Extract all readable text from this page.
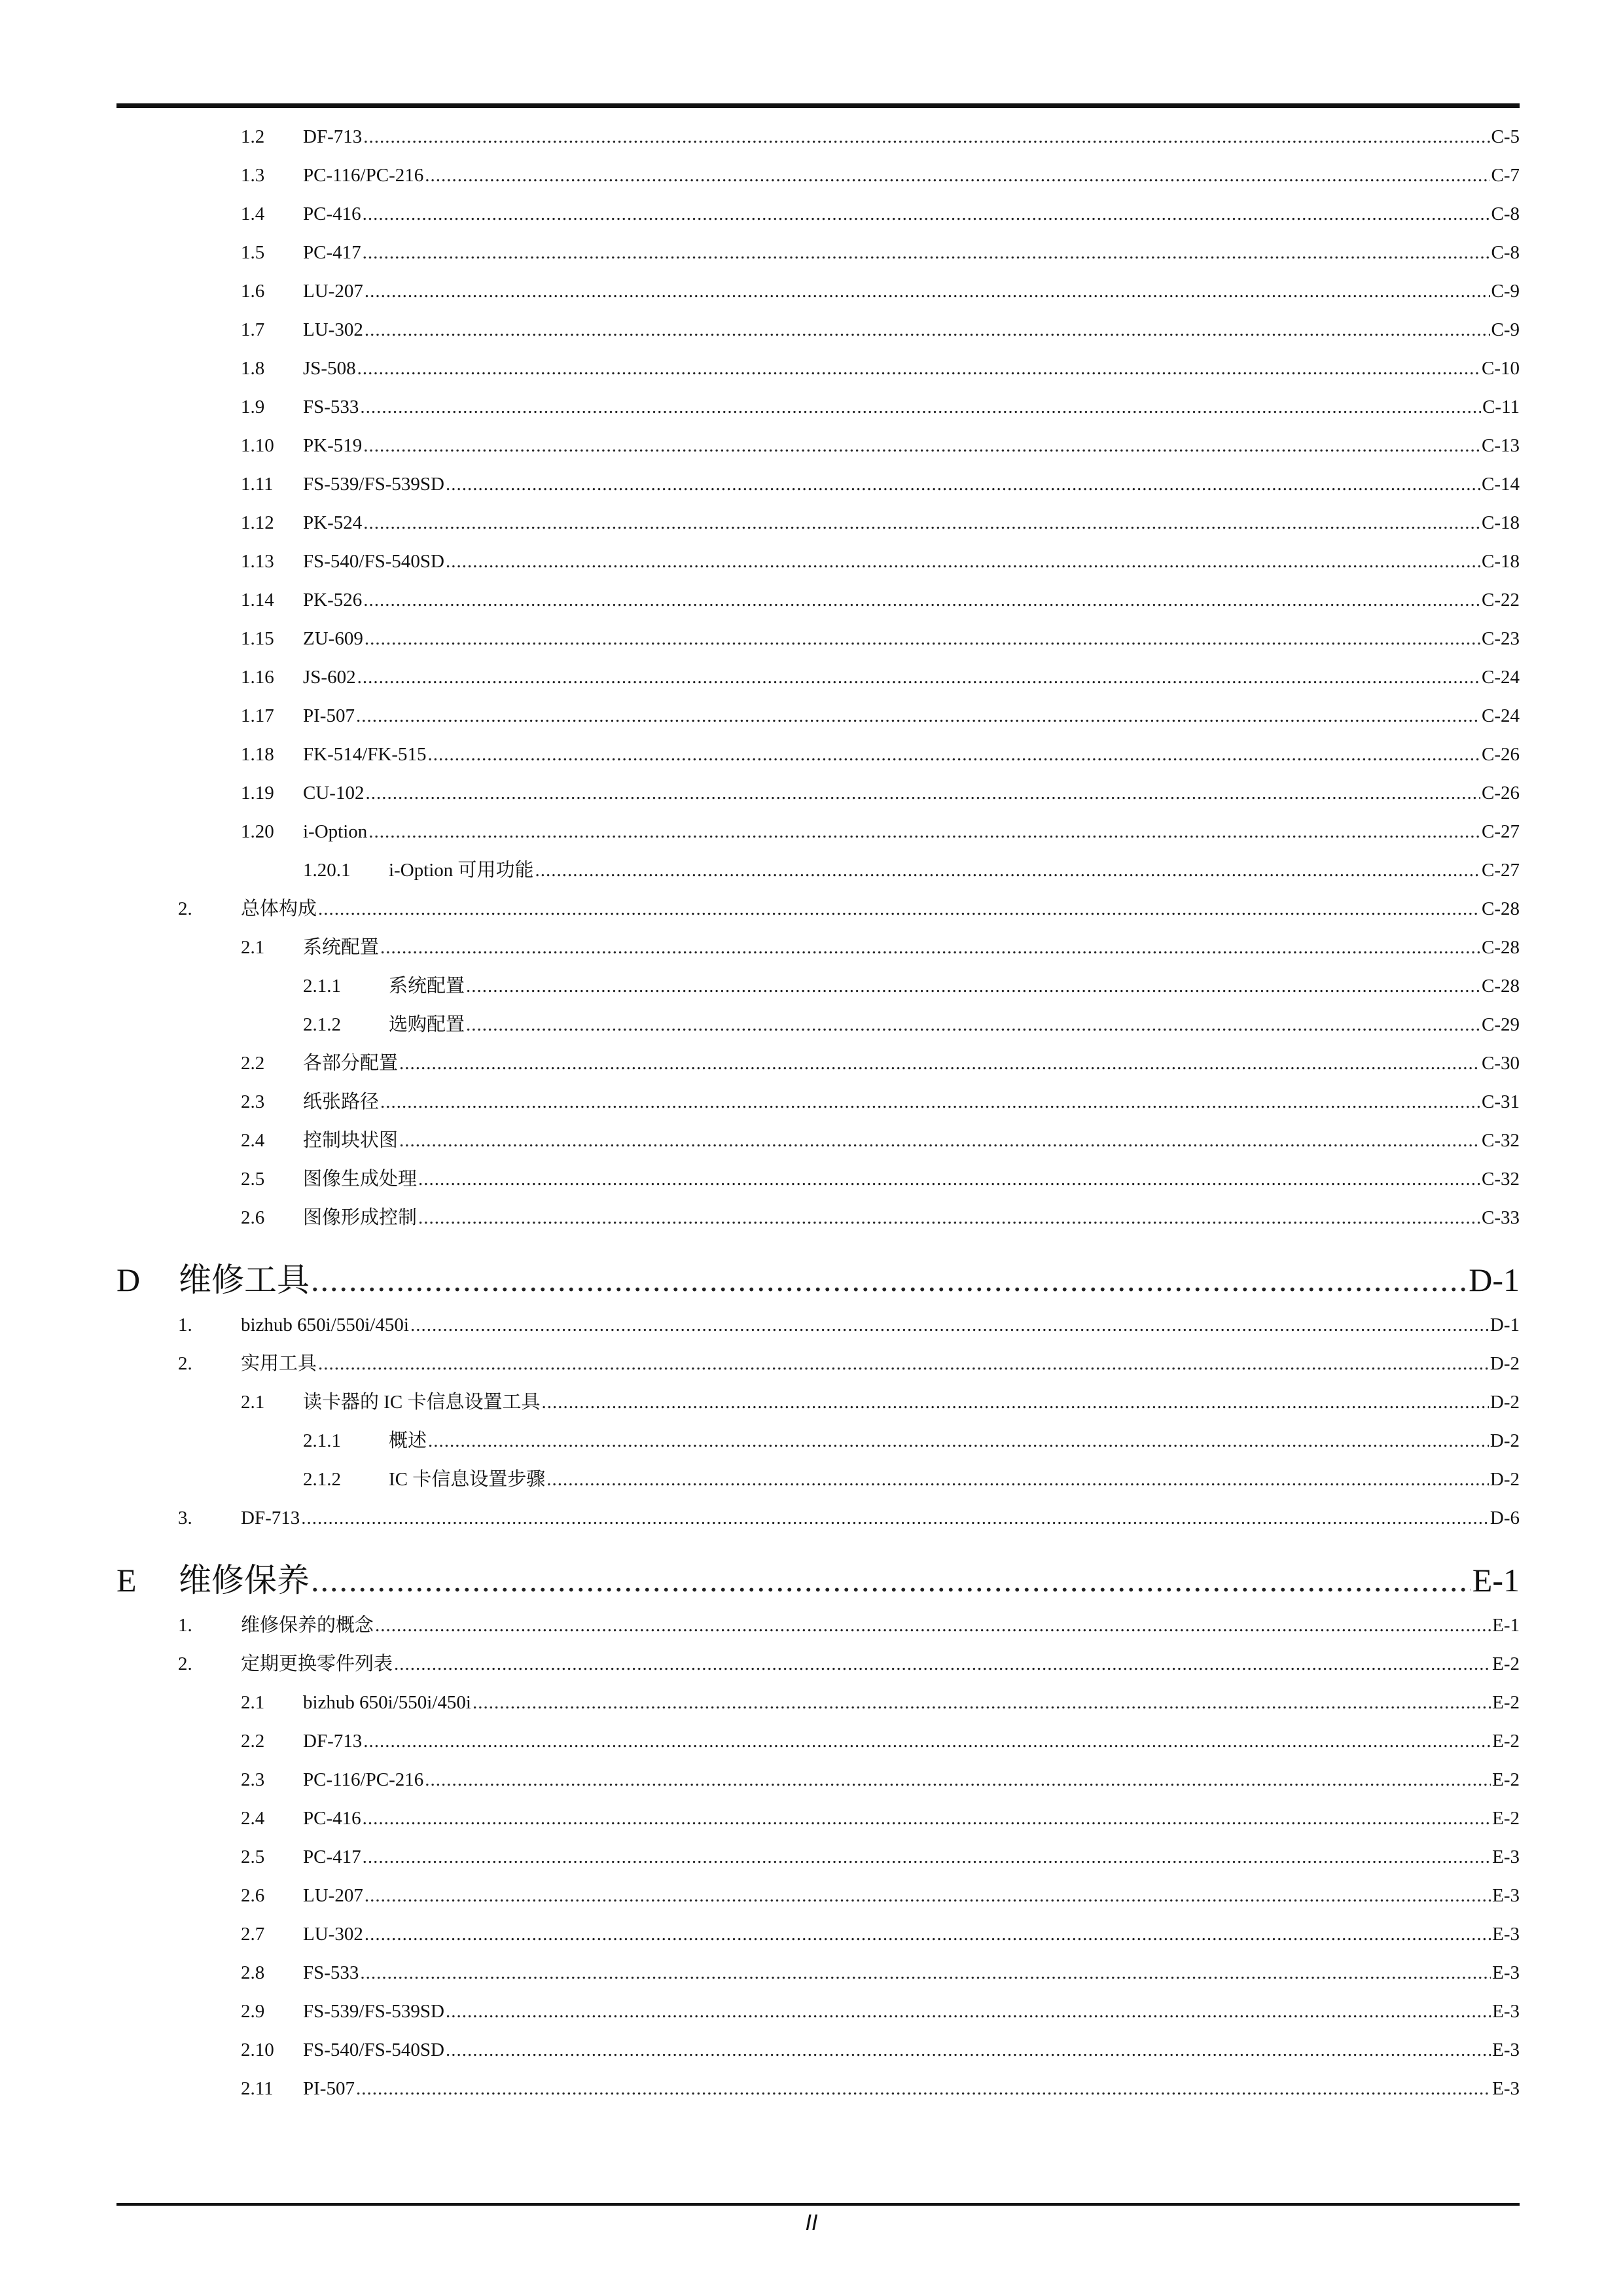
1.2 DF-713 .....	C-5
1.3 PC-116/PC-216 .....	C-7
1.4 PC-416 .....	C-8
1.5 PC-417 .....	C-8
1.6 LU-207 .....	C-9
1.7 LU-302 .....	C-9
1.8 JS-508 .....	C-10
1.9 FS-533 .....	C-11
1.10 PK-519 .....	C-13
1.11 FS-539/FS-539SD .....	C-14
1.12 PK-524 .....	C-18
1.13 FS-540/FS-540SD .....	C-18
1.14 PK-526 .....	C-22
1.15 ZU-609 .....	C-23
1.16 JS-602 .....	C-24
1.17 PI-507 .....	C-24
1.18 FK-514/FK-515 .....	C-26
1.19 CU-102 .....	C-26
1.20 i-Option .....	C-27
1.20.1 i-Option 可用功能 .....	C-27
2.	总体构成 .....	C-28
2.1 系统配置 .....	C-28
2.1.1	系统配置 .....	C-28
2.1.2	选购配置 .....	C-29
2.2 各部分配置 .....	C-30
2.3 纸张路径 .....	C-31
2.4 控制块状图 .....	C-32
2.5 图像生成处理 .....	C-32
2.6 图像形成控制 .....	C-33
D 维修工具 .....	D-1
1.	bizhub 650i/550i/450i .....	D-1
2.	实用工具 .....	D-2
2.1 读卡器的 IC 卡信息设置工具 .....	D-2
2.1.1	概述 .....	D-2
2.1.2	IC 卡信息设置步骤 .....	D-2
3.	DF-713 .....	D-6
E 维修保养 .....	E-1
1.	维修保养的概念 .....	E-1
2.	定期更换零件列表 .....	E-2
2.1 bizhub 650i/550i/450i .....	E-2
2.2 DF-713 .....	E-2
2.3 PC-116/PC-216 .....	E-2
2.4 PC-416 .....	E-2
2.5 PC-417 .....	E-3
2.6 LU-207 .....	E-3
2.7 LU-302 .....	E-3
2.8 FS-533 .....	E-3
2.9 FS-539/FS-539SD .....	E-3
2.10 FS-540/FS-540SD .....	E-3
2.11 PI-507 .....	E-3
II
